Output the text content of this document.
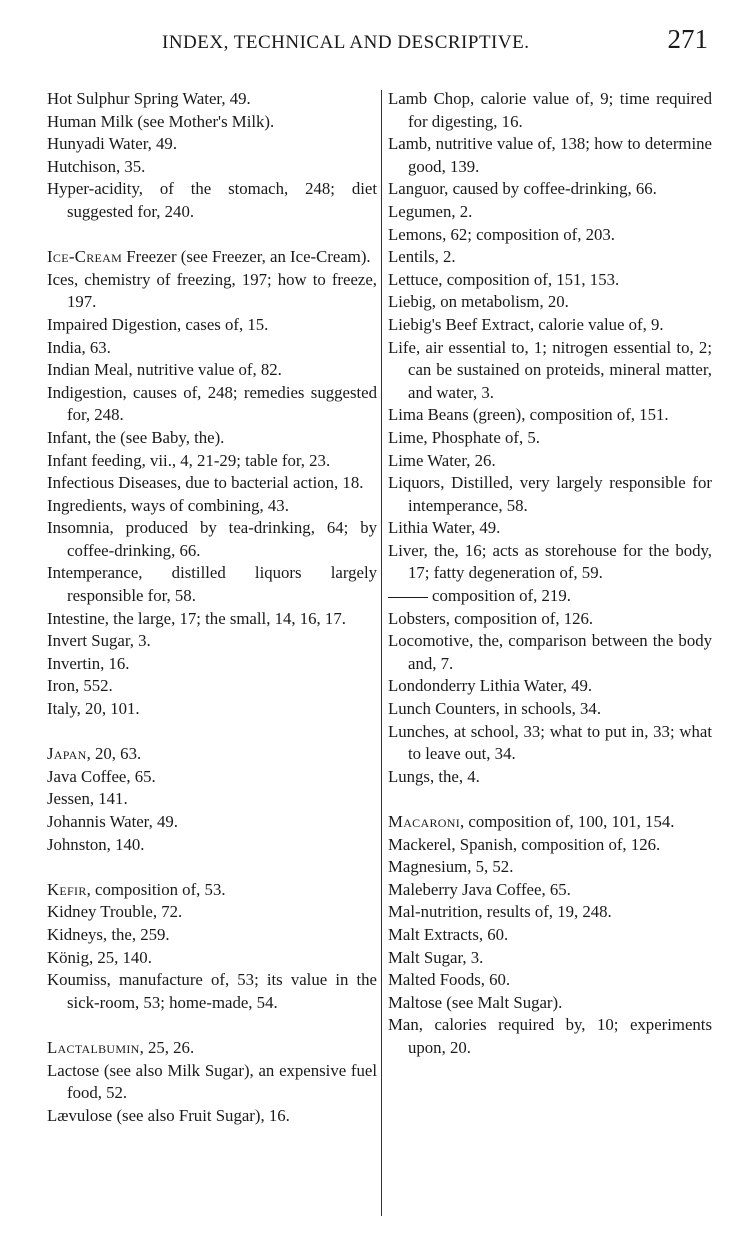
INDEX, TECHNICAL AND DESCRIPTIVE.	271
Hot Sulphur Spring Water, 49.
Human Milk (see Mother's Milk).
Hunyadi Water, 49.
Hutchison, 35.
Hyper-acidity, of the stomach, 248; diet suggested for, 240.
Ice-Cream Freezer (see Freezer, an Ice-Cream).
Ices, chemistry of freezing, 197; how to freeze, 197.
Impaired Digestion, cases of, 15.
India, 63.
Indian Meal, nutritive value of, 82.
Indigestion, causes of, 248; remedies suggested for, 248.
Infant, the (see Baby, the).
Infant feeding, vii., 4, 21-29; table for, 23.
Infectious Diseases, due to bacterial action, 18.
Ingredients, ways of combining, 43.
Insomnia, produced by tea-drinking, 64; by coffee-drinking, 66.
Intemperance, distilled liquors largely responsible for, 58.
Intestine, the large, 17; the small, 14, 16, 17.
Invert Sugar, 3.
Invertin, 16.
Iron, 552.
Italy, 20, 101.
Japan, 20, 63.
Java Coffee, 65.
Jessen, 141.
Johannis Water, 49.
Johnston, 140.
Kefir, composition of, 53.
Kidney Trouble, 72.
Kidneys, the, 259.
König, 25, 140.
Koumiss, manufacture of, 53; its value in the sick-room, 53; home-made, 54.
Lactalbumin, 25, 26.
Lactose (see also Milk Sugar), an expensive fuel food, 52.
Lævulose (see also Fruit Sugar), 16.
Lamb Chop, calorie value of, 9; time required for digesting, 16.
Lamb, nutritive value of, 138; how to determine good, 139.
Languor, caused by coffee-drinking, 66.
Legumen, 2.
Lemons, 62; composition of, 203.
Lentils, 2.
Lettuce, composition of, 151, 153.
Liebig, on metabolism, 20.
Liebig's Beef Extract, calorie value of, 9.
Life, air essential to, 1; nitrogen essential to, 2; can be sustained on proteids, mineral matter, and water, 3.
Lima Beans (green), composition of, 151.
Lime, Phosphate of, 5.
Lime Water, 26.
Liquors, Distilled, very largely responsible for intemperance, 58.
Lithia Water, 49.
Liver, the, 16; acts as storehouse for the body, 17; fatty degeneration of, 59.
composition of, 219.
Lobsters, composition of, 126.
Locomotive, the, comparison between the body and, 7.
Londonderry Lithia Water, 49.
Lunch Counters, in schools, 34.
Lunches, at school, 33; what to put in, 33; what to leave out, 34.
Lungs, the, 4.
Macaroni, composition of, 100, 101, 154.
Mackerel, Spanish, composition of, 126.
Magnesium, 5, 52.
Maleberry Java Coffee, 65.
Mal-nutrition, results of, 19, 248.
Malt Extracts, 60.
Malt Sugar, 3.
Malted Foods, 60.
Maltose (see Malt Sugar).
Man, calories required by, 10; experiments upon, 20.
